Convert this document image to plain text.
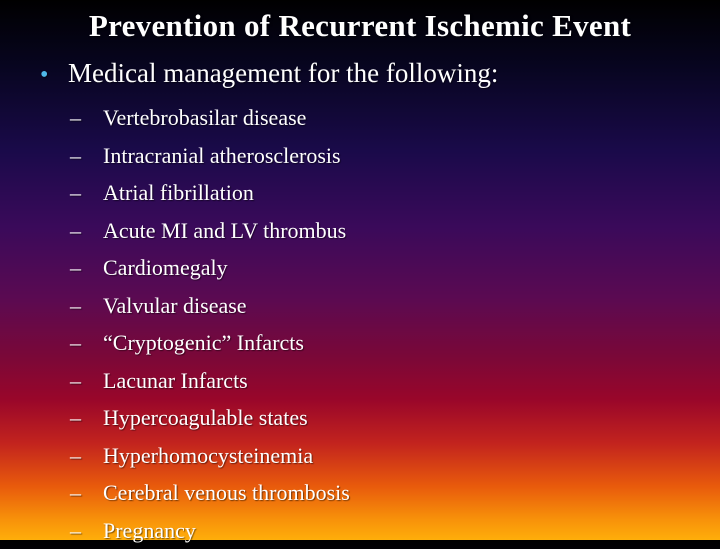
Prevention of Recurrent Ischemic Event
• Medical management for the following:
– Vertebrobasilar disease
– Intracranial atherosclerosis
– Atrial fibrillation
– Acute MI and LV thrombus
– Cardiomegaly
– Valvular disease
– “Cryptogenic” Infarcts
– Lacunar Infarcts
– Hypercoagulable states
– Hyperhomocysteinemia
– Cerebral venous thrombosis
– Pregnancy
